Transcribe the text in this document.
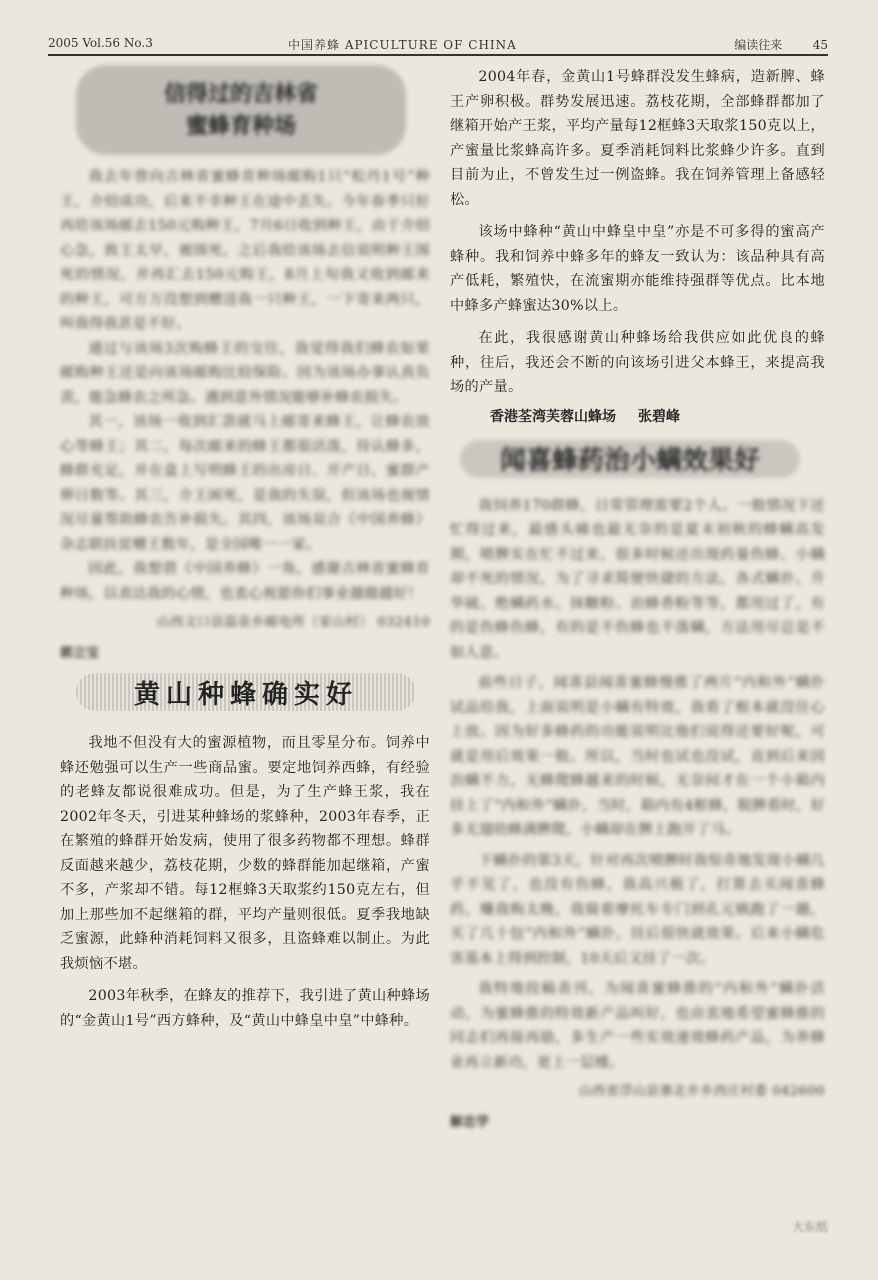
2005 Vol.56 No.3	中国养蜂 APICULTURE OF CHINA	编读往来	45
信得过的吉林省
蜜蜂育种场

我去年曾向吉林省蜜蜂育种场邮购1只“松丹1号”种王，介绍成功，后来不幸种王在途中丢失。今年春季只好再给该场邮去150元购种王，7月6日收到种王，由于介绍心急，致王太早，被围死。之后我给该场去信说明种王围死的情况，并再汇去150元购王，8月上旬我又收到邮来的种王，可万万没想到赠送我一只种王，一下寄来两只，叫我得我甚是不好。

通过与该场3次购蜂王的交往，我觉得我们蜂农如果邮购种王还是向该场邮购比较保险。因为该场办事认真负责，能急蜂农之所急。遇到意外情况能够补蜂农损失。

其一，该场一收到汇款就马上邮寄来蜂王，让蜂农放心等蜂王；其二，每次邮来的蜂王都很活泼，待认蜂多，蜂群充足，并在盒上写明蜂王的出房日、开产日、蜜群产卵日数等。其三，介王困死，是我的失误，但该场也视情况尽量帮助蜂农告补损失。其四，该场双合《中国养蜂》杂志联扶贫赠王数年，是全国唯一一家。

因此，我想借《中国养蜂》一角，感谢吉林省蜜蜂育种场，以表达我的心情，也衷心祝愿你们事业越做越好！

山西文口县温泉乡邮电所（家山村） 032410

郭立宝

黄山种蜂确实好

我地不但没有大的蜜源植物，而且零星分布。饲养中蜂还勉强可以生产一些商品蜜。要定地饲养西蜂，有经验的老蜂友都说很难成功。但是，为了生产蜂王浆，我在2002年冬天，引进某种蜂场的浆蜂种，2003年春季，正在繁殖的蜂群开始发病，使用了很多药物都不理想。蜂群反面越来越少，荔枝花期，少数的蜂群能加起继箱，产蜜不多，产浆却不错。每12框蜂3天取浆约150克左右，但加上那些加不起继箱的群，平均产量则很低。夏季我地缺乏蜜源，此蜂种消耗饲料又很多，且盗蜂难以制止。为此我烦恼不堪。

2003年秋季，在蜂友的推荐下，我引进了黄山种蜂场的“金黄山1号”西方蜂种，及“黄山中蜂皇中皇”中蜂种。

2004年春，金黄山1号蜂群没发生蜂病，造新脾、蜂王产卵积极。群势发展迅速。荔枝花期，全部蜂群都加了继箱开始产王浆，平均产量每12框蜂3天取浆150克以上，产蜜量比浆蜂高许多。夏季消耗饲料比浆蜂少许多。直到目前为止，不曾发生过一例盗蜂。我在饲养管理上备感轻松。

该场中蜂种“黄山中蜂皇中皇”亦是不可多得的蜜高产蜂种。我和饲养中蜂多年的蜂友一致认为：该品种具有高产低耗，繁殖快，在流蜜期亦能维持强群等优点。比本地中蜂多产蜂蜜达30%以上。

在此，我很感谢黄山种蜂场给我供应如此优良的蜂种，往后，我还会不断的向该场引进父本蜂王，来提高我场的产量。

香港荃湾芙蓉山蜂场 张碧峰

闻喜蜂药治小螨效果好

我饲养170群蜂，日常管理需要2个人。一般情况下还忙得过来，最感头痛也最无奈的是夏末初秋的蜂螨高发期，喷脾实在忙不过来，很多时候还出现药量伤蜂、小螨却不死的情况，为了寻求简便快捷的方法，各式螨扑、升华硫、绝螨药水、抹糖粉、治蜂香粉等等，都用过了，有的是伤蜂伤蜂，有的是不伤蜂也不落螨，方法用尽总是不如人意。

前些日子，闻喜县闻喜蜜蜂慢推了两片“内和外”螨扑试品给我，上面说明是小螨有特效，我看了根本就没往心上放。因为好多蜂药的功能说明比他们说得还要好呢，可就是用后效果一般。所以，当时也试也没试，直到后来因治螨不力，无蜂爬蜂越来的时候，无奈间才在一个小箱内挂上了“内和外”螨扑，当时，箱内有4框蜂，脱脾看时，好多无翅幼蜂满脾爬，小螨却在脾上跑开了马。

下螨扑的第3天，针对再次喷脾时我惊奇地发现小螨几乎不见了，也没有伤蜂，我高兴极了，打算去买闻喜蜂药，赚我购太晚，我骑着摩托车专门到孔元镇跑了一趟，买了几十包“内和外”螨扑，挂后很快就效果。后来小螨危害基本上得到控制，10天后又挂了一次。

我特地投稿表刊，为闻喜蜜蜂推的“内和外”螨扑活动，为蜜蜂推的特效新产品叫好，也由衷地希望蜜蜂推的同志们再接再励，多生产一些实效速效蜂药产品，为养蜂业再立新功，更上一层楼。

山西省浮山县寨北乡乡西庄村委 042600

解忠学

大东纸
